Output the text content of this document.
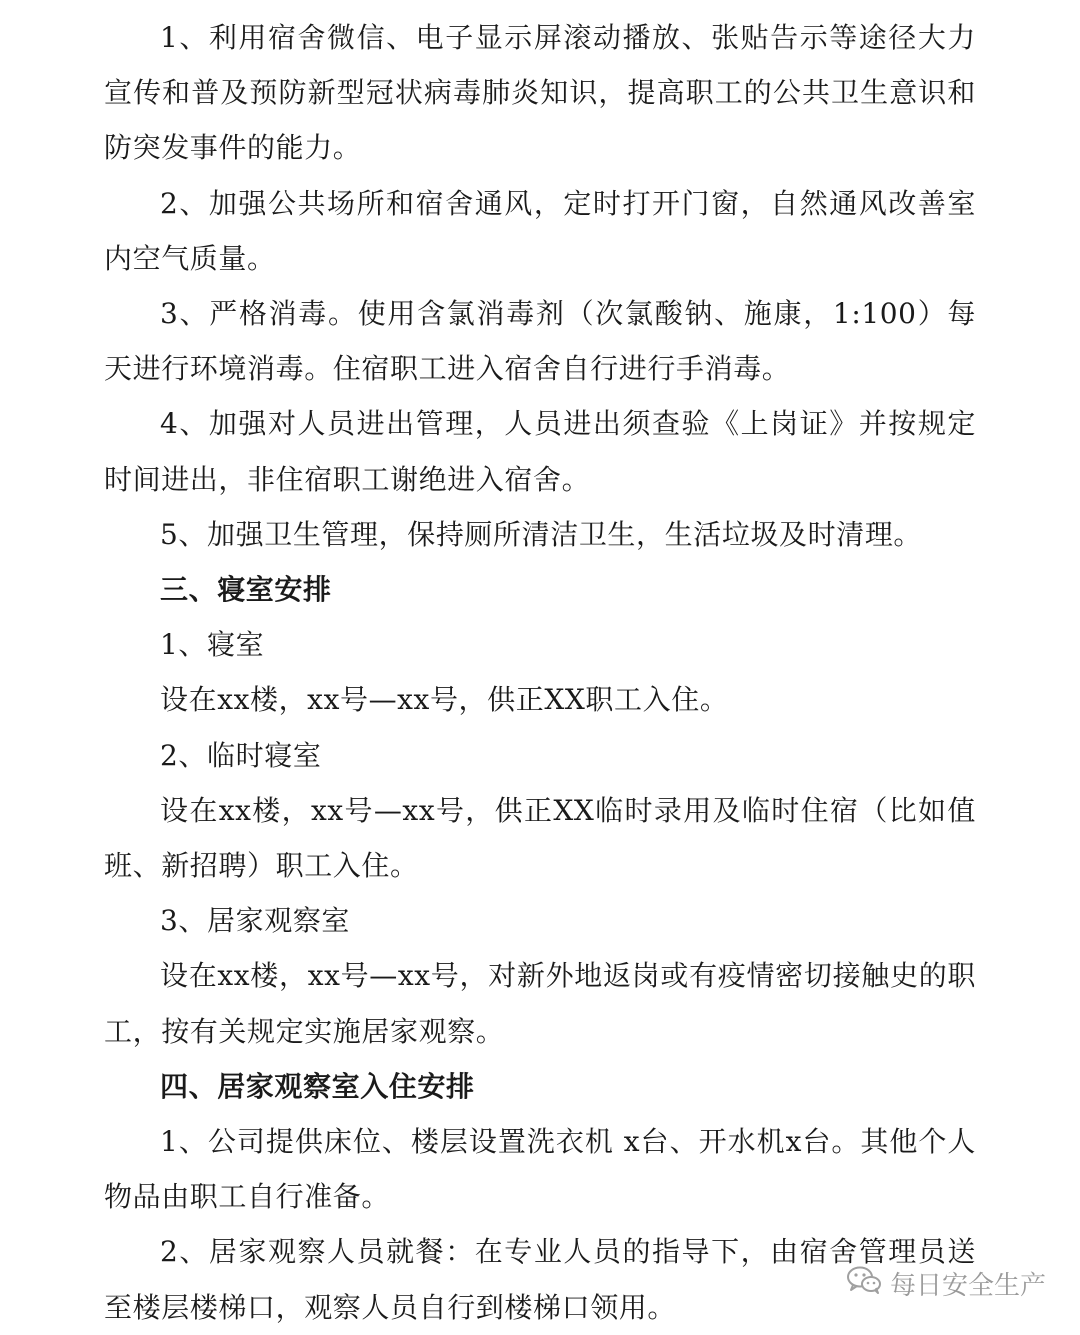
1、利用宿舍微信、电子显示屏滚动播放、张贴告示等途径大力宣传和普及预防新型冠状病毒肺炎知识，提高职工的公共卫生意识和防突发事件的能力。

2、加强公共场所和宿舍通风，定时打开门窗，自然通风改善室内空气质量。

3、严格消毒。使用含氯消毒剂（次氯酸钠、施康，1:100）每天进行环境消毒。住宿职工进入宿舍自行进行手消毒。

4、加强对人员进出管理，人员进出须查验《上岗证》并按规定时间进出，非住宿职工谢绝进入宿舍。

5、加强卫生管理，保持厕所清洁卫生，生活垃圾及时清理。

三、寝室安排

1、寝室

设在xx楼，xx号—xx号，供正XX职工入住。

2、临时寝室

设在xx楼，xx号—xx号，供正XX临时录用及临时住宿（比如值班、新招聘）职工入住。

3、居家观察室

设在xx楼，xx号—xx号，对新外地返岗或有疫情密切接触史的职工，按有关规定实施居家观察。

四、居家观察室入住安排

1、公司提供床位、楼层设置洗衣机 x台、开水机x台。其他个人物品由职工自行准备。

2、居家观察人员就餐：在专业人员的指导下，由宿舍管理员送至楼层楼梯口，观察人员自行到楼梯口领用。

每日安全生产
